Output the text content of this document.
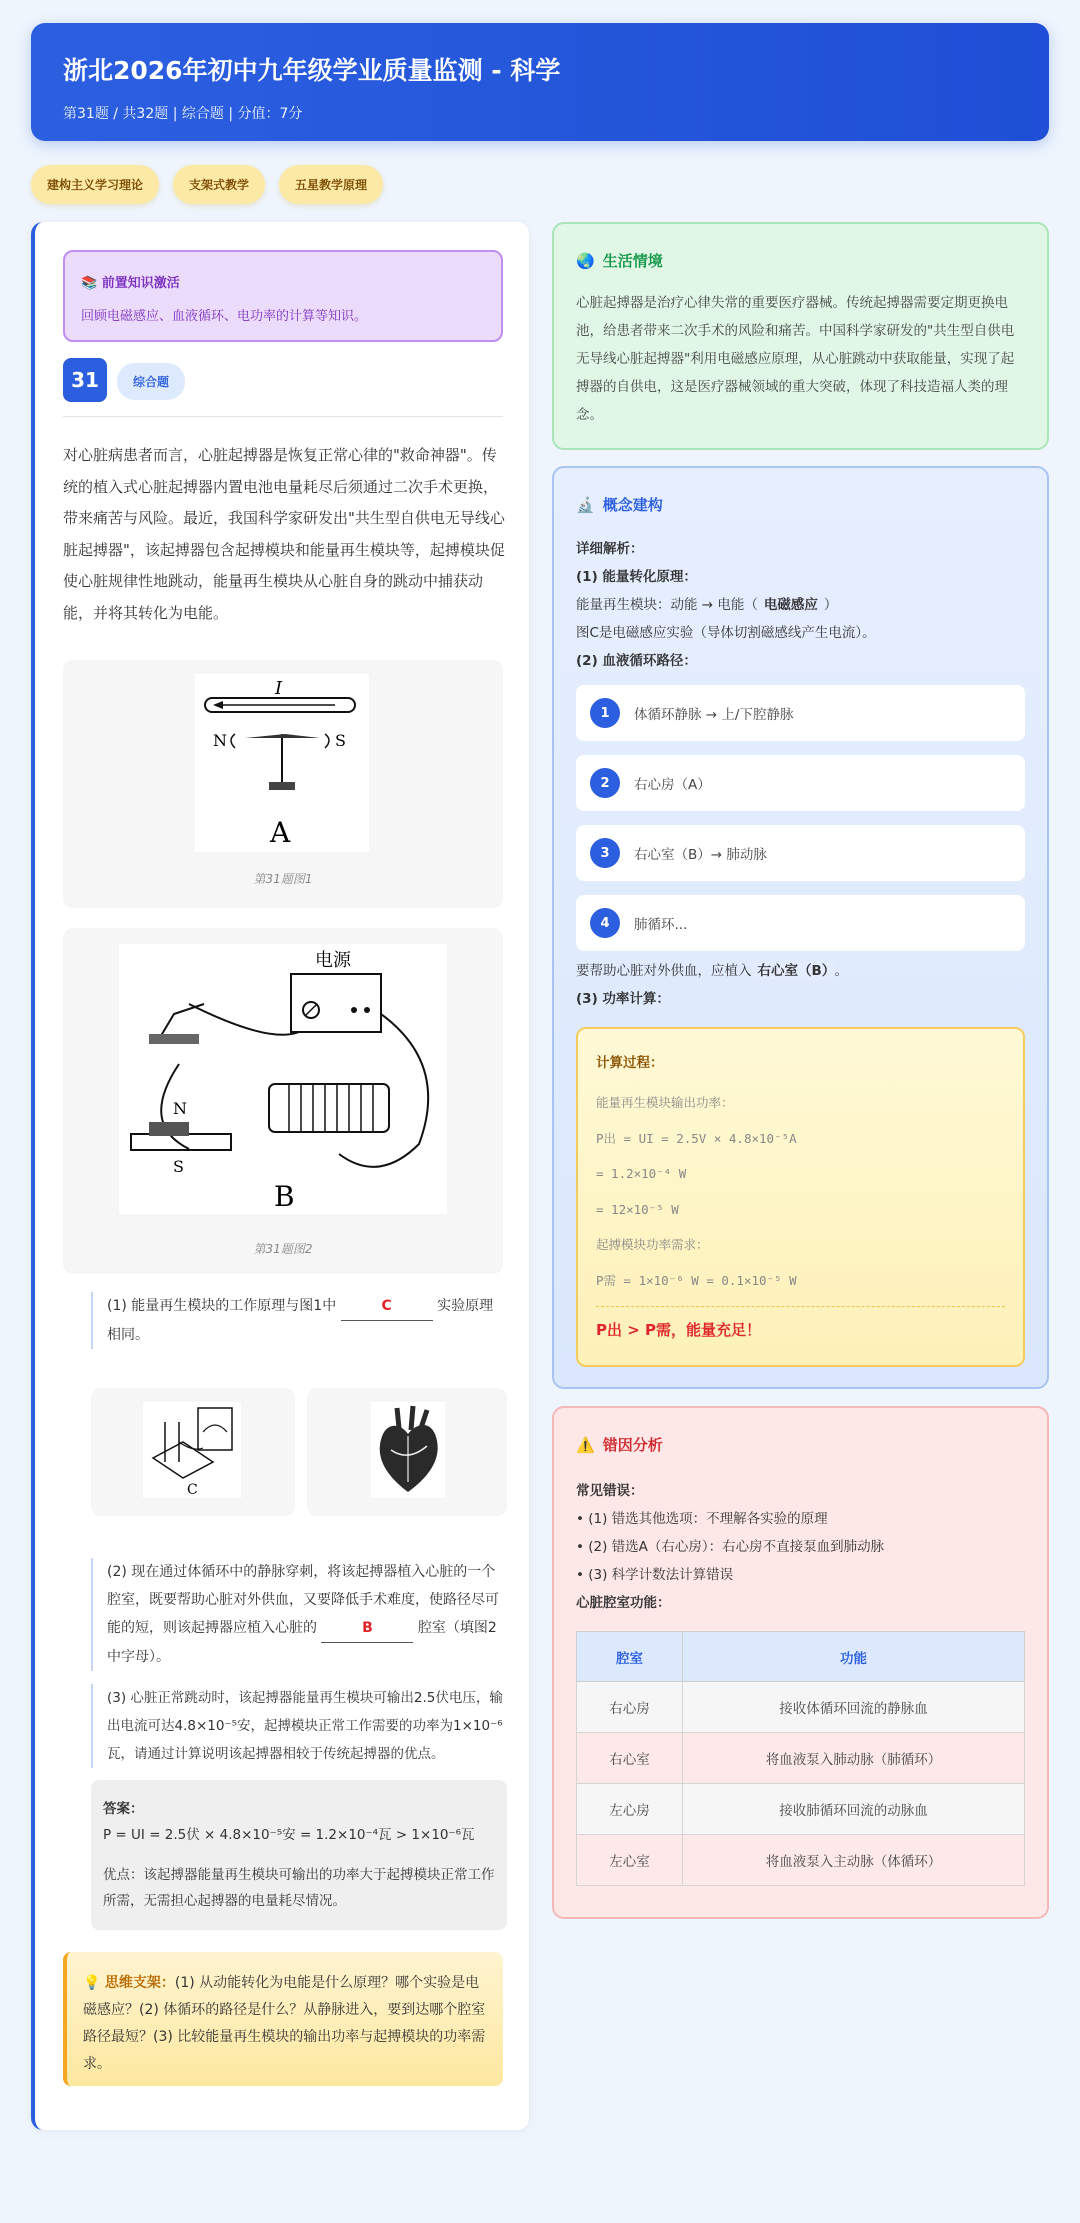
浙北2026年初中九年级学业质量监测 - 科学
第31题 / 共32题 | 综合题 | 分值：7分
建构主义学习理论	支架式教学	五星教学原理
📚 前置知识激活
回顾电磁感应、血液循环、电功率的计算等知识。
31	综合题
对心脏病患者而言，心脏起搏器是恢复正常心律的"救命神器"。传统的植入式心脏起搏器内置电池电量耗尽后须通过二次手术更换，带来痛苦与风险。最近，我国科学家研发出"共生型自供电无导线心脏起搏器"，该起搏器包含起搏模块和能量再生模块等，起搏模块促使心脏规律性地跳动，能量再生模块从心脏自身的跳动中捕获动能，并将其转化为电能。
I
N	S
A
第31题图1
电源
N
S
B
第31题图2
(1) 能量再生模块的工作原理与图1中	C	实验原理相同。
C
(2) 现在通过体循环中的静脉穿刺，将该起搏器植入心脏的一个腔室，既要帮助心脏对外供血，又要降低手术难度，使路径尽可能的短，则该起搏器应植入心脏的	B	腔室（填图2中字母）。
(3) 心脏正常跳动时，该起搏器能量再生模块可输出2.5伏电压，输出电流可达4.8×10⁻⁵安，起搏模块正常工作需要的功率为1×10⁻⁶瓦，请通过计算说明该起搏器相较于传统起搏器的优点。
答案：
P = UI = 2.5伏 × 4.8×10⁻⁵安 = 1.2×10⁻⁴瓦 > 1×10⁻⁶瓦
优点：该起搏器能量再生模块可输出的功率大于起搏模块正常工作所需，无需担心起搏器的电量耗尽情况。
💡 思维支架：(1) 从动能转化为电能是什么原理？哪个实验是电磁感应？(2) 体循环的路径是什么？从静脉进入，要到达哪个腔室路径最短？(3) 比较能量再生模块的输出功率与起搏模块的功率需求。
🌏 生活情境

心脏起搏器是治疗心律失常的重要医疗器械。传统起搏器需要定期更换电池，给患者带来二次手术的风险和痛苦。中国科学家研发的"共生型自供电无导线心脏起搏器"利用电磁感应原理，从心脏跳动中获取能量，实现了起搏器的自供电，这是医疗器械领域的重大突破，体现了科技造福人类的理念。

🔬 概念建构
详细解析：
(1) 能量转化原理：
能量再生模块：动能 → 电能（ 电磁感应 ）
图C是电磁感应实验（导体切割磁感线产生电流）。
(2) 血液循环路径：
1	体循环静脉 → 上/下腔静脉
2	右心房（A）
3	右心室（B）→ 肺动脉
4	肺循环...
要帮助心脏对外供血，应植入 右心室（B） 。
(3) 功率计算：
计算过程：
能量再生模块输出功率：
P出 = UI = 2.5V × 4.8×10⁻⁵A
= 1.2×10⁻⁴ W
= 12×10⁻⁵ W
起搏模块功率需求：
P需 = 1×10⁻⁶ W = 0.1×10⁻⁵ W
P出 > P需，能量充足！
⚠️ 错因分析
常见错误：
• (1) 错选其他选项：不理解各实验的原理
• (2) 错选A（右心房）：右心房不直接泵血到肺动脉
• (3) 科学计数法计算错误
心脏腔室功能：
腔室	功能
右心房	接收体循环回流的静脉血
右心室	将血液泵入肺动脉（肺循环）
左心房	接收肺循环回流的动脉血
左心室	将血液泵入主动脉（体循环）
